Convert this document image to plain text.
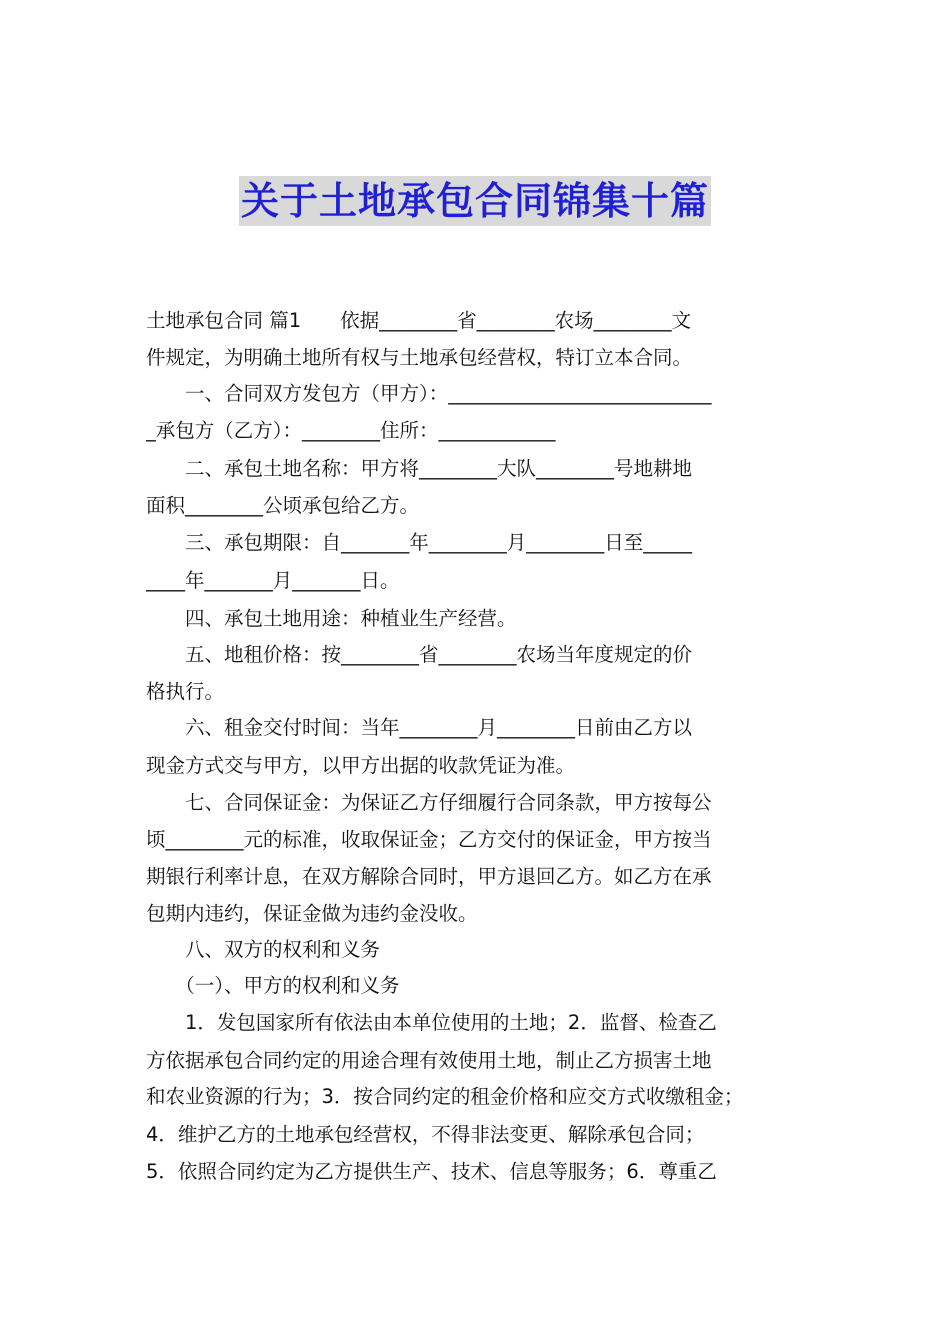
关于土地承包合同锦集十篇
土地承包合同 篇1　　依据________省________农场________文
件规定，为明确土地所有权与土地承包经营权，特订立本合同。
　　一、合同双方发包方（甲方）：___________________________
_承包方（乙方）：________住所：____________
　　二、承包土地名称：甲方将________大队________号地耕地
面积________公顷承包给乙方。
　　三、承包期限：自_______年________月________日至_____
____年_______月_______日。
　　四、承包土地用途：种植业生产经营。
　　五、地租价格：按________省________农场当年度规定的价
格执行。
　　六、租金交付时间：当年________月________日前由乙方以
现金方式交与甲方，以甲方出据的收款凭证为准。
　　七、合同保证金：为保证乙方仔细履行合同条款，甲方按每公
顷________元的标准，收取保证金；乙方交付的保证金，甲方按当
期银行利率计息，在双方解除合同时，甲方退回乙方。如乙方在承
包期内违约，保证金做为违约金没收。
　　八、双方的权利和义务
　　（一）、甲方的权利和义务
　　1．发包国家所有依法由本单位使用的土地；2．监督、检查乙
方依据承包合同约定的用途合理有效使用土地，制止乙方损害土地
和农业资源的行为；3．按合同约定的租金价格和应交方式收缴租金；
4．维护乙方的土地承包经营权，不得非法变更、解除承包合同；
5．依照合同约定为乙方提供生产、技术、信息等服务；6．尊重乙
